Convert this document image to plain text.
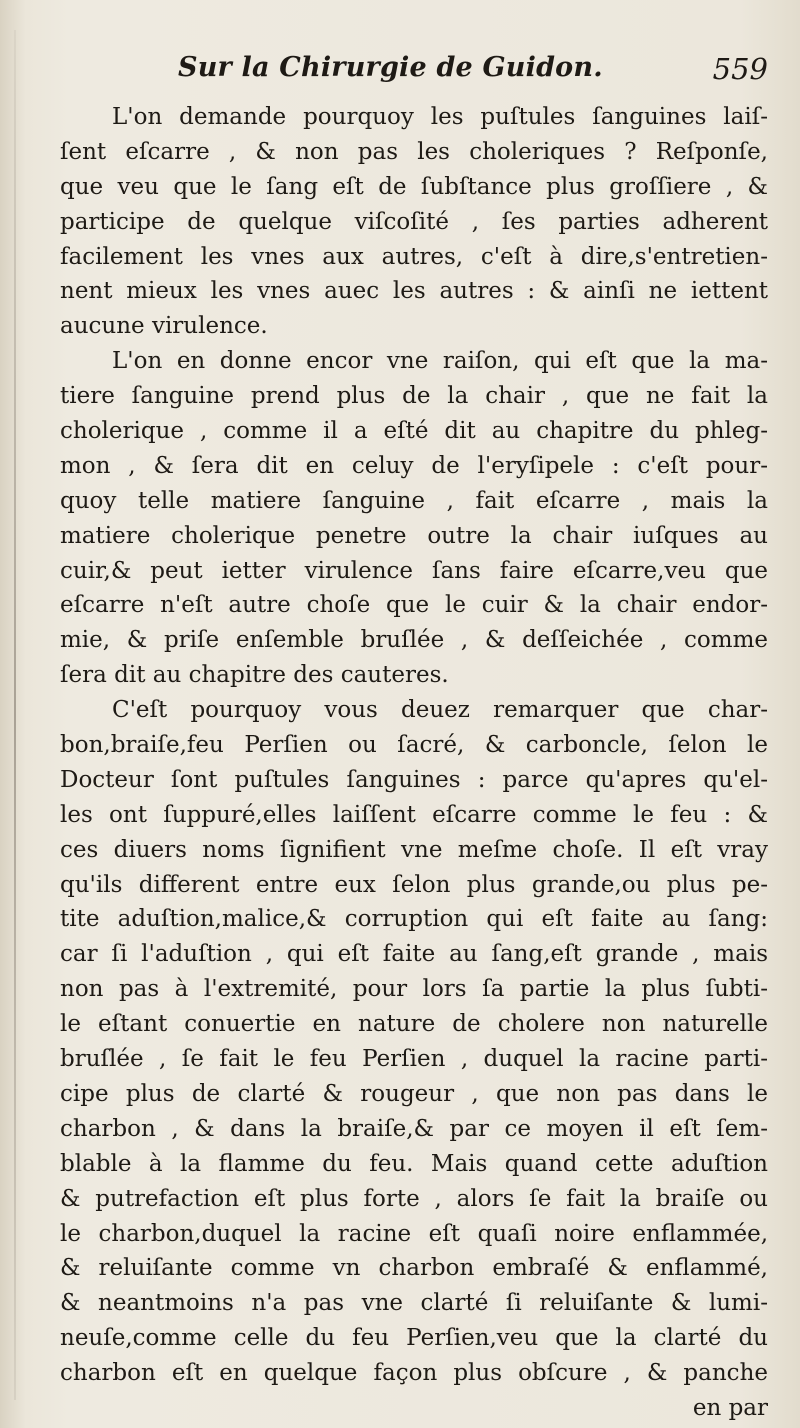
Sur la Chirurgie de Guidon.	559
L'on demande pourquoy les puſtules ſanguines laiſ-
ſent eſcarre , & non pas les choleriques ? Reſponſe,
que veu que le ſang eſt de ſubſtance plus groſſiere , &
participe de quelque viſcoſité , ſes parties adherent
facilement les vnes aux autres, c'eſt à dire,s'entretien-
nent mieux les vnes auec les autres : & ainſi ne iettent
aucune virulence.
L'on en donne encor vne raiſon, qui eſt que la ma-
tiere ſanguine prend plus de la chair , que ne fait la
cholerique , comme il a eſté dit au chapitre du phleg-
mon , & ſera dit en celuy de l'eryſipele : c'eſt pour-
quoy telle matiere ſanguine , fait eſcarre , mais la
matiere cholerique penetre outre la chair iuſques au
cuir,& peut ietter virulence ſans faire eſcarre,veu que
eſcarre n'eſt autre choſe que le cuir & la chair endor-
mie, & priſe enſemble bruſlée , & deſſeichée , comme
ſera dit au chapitre des cauteres.
C'eſt pourquoy vous deuez remarquer que char-
bon,braiſe,feu Perſien ou ſacré, & carboncle, ſelon le
Docteur ſont puſtules ſanguines : parce qu'apres qu'el-
les ont ſuppuré,elles laiſſent eſcarre comme le feu : &
ces diuers noms ſignifient vne meſme choſe. Il eſt vray
qu'ils different entre eux ſelon plus grande,ou plus pe-
tite aduſtion,malice,& corruption qui eſt faite au ſang:
car ſi l'aduſtion , qui eſt faite au ſang,eſt grande , mais
non pas à l'extremité, pour lors ſa partie la plus ſubti-
le eſtant conuertie en nature de cholere non naturelle
bruſlée , ſe fait le feu Perſien , duquel la racine parti-
cipe plus de clarté & rougeur , que non pas dans le
charbon , & dans la braiſe,& par ce moyen il eſt ſem-
blable à la flamme du feu. Mais quand cette aduſtion
& putrefaction eſt plus forte , alors ſe fait la braiſe ou
le charbon,duquel la racine eſt quaſi noire enflammée,
& reluiſante comme vn charbon embraſé & enflammé,
& neantmoins n'a pas vne clarté ſi reluiſante & lumi-
neuſe,comme celle du feu Perſien,veu que la clarté du
charbon eſt en quelque façon plus obſcure , & panche
en par
